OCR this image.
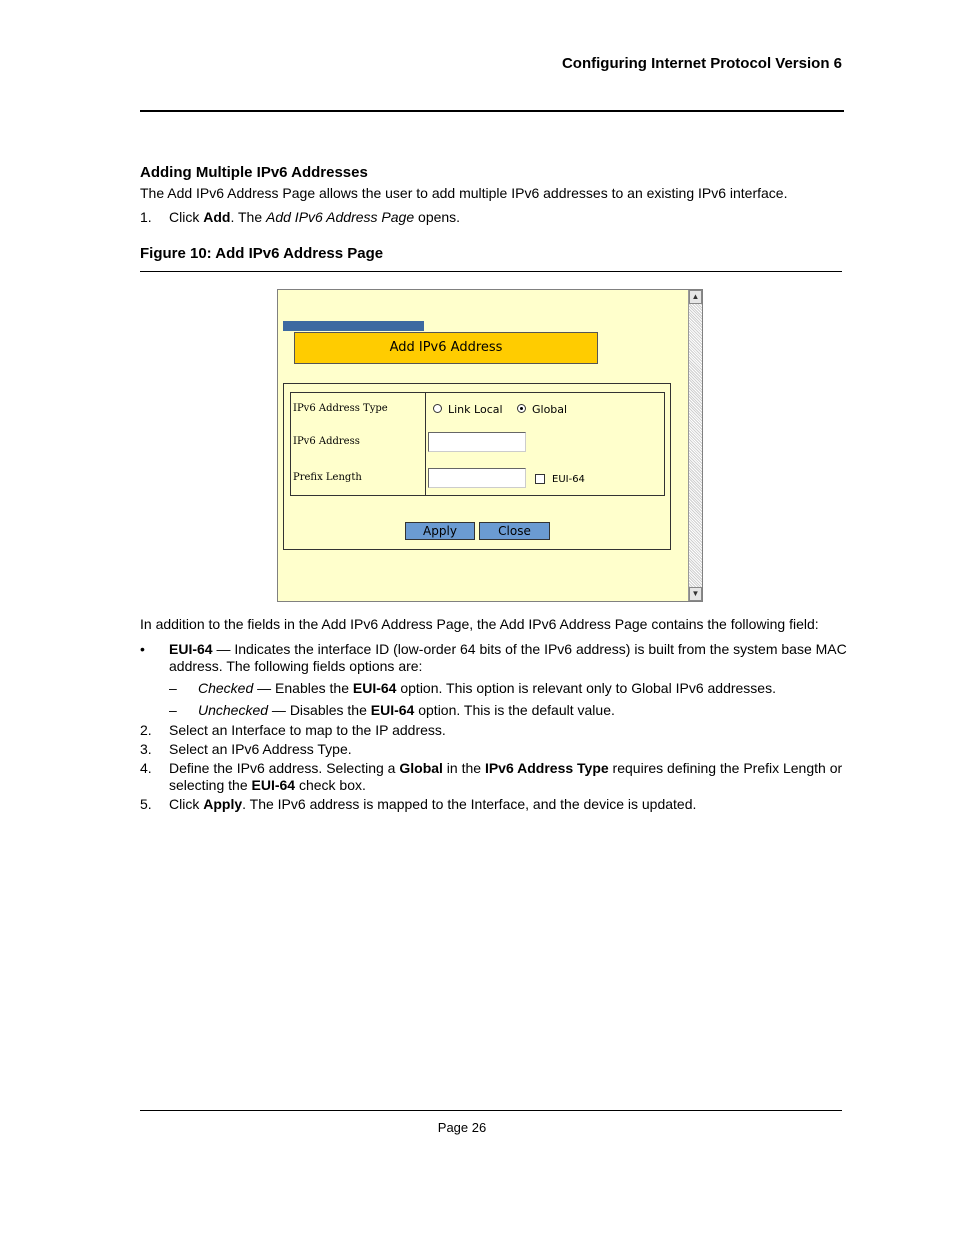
Configuring Internet Protocol Version 6
Adding Multiple IPv6 Addresses
The Add IPv6 Address Page allows the user to add multiple IPv6 addresses to an existing IPv6 interface.
1. Click Add. The Add IPv6 Address Page opens.
Figure 10: Add IPv6 Address Page
▲
▼
Add IPv6 Address
IPv6 Address Type
IPv6 Address
Prefix Length
Link Local	Global
EUI-64
Apply	Close
In addition to the fields in the Add IPv6 Address Page, the Add IPv6 Address Page contains the following field:
• EUI-64 — Indicates the interface ID (low-order 64 bits of the IPv6 address) is built from the system base MAC
address. The following fields options are:
– Checked — Enables the EUI-64 option. This option is relevant only to Global IPv6 addresses.
– Unchecked — Disables the EUI-64 option. This is the default value.
2. Select an Interface to map to the IP address.
3. Select an IPv6 Address Type.
4. Define the IPv6 address. Selecting a Global in the IPv6 Address Type requires defining the Prefix Length or
selecting the EUI-64 check box.
5. Click Apply. The IPv6 address is mapped to the Interface, and the device is updated.
Page 26
